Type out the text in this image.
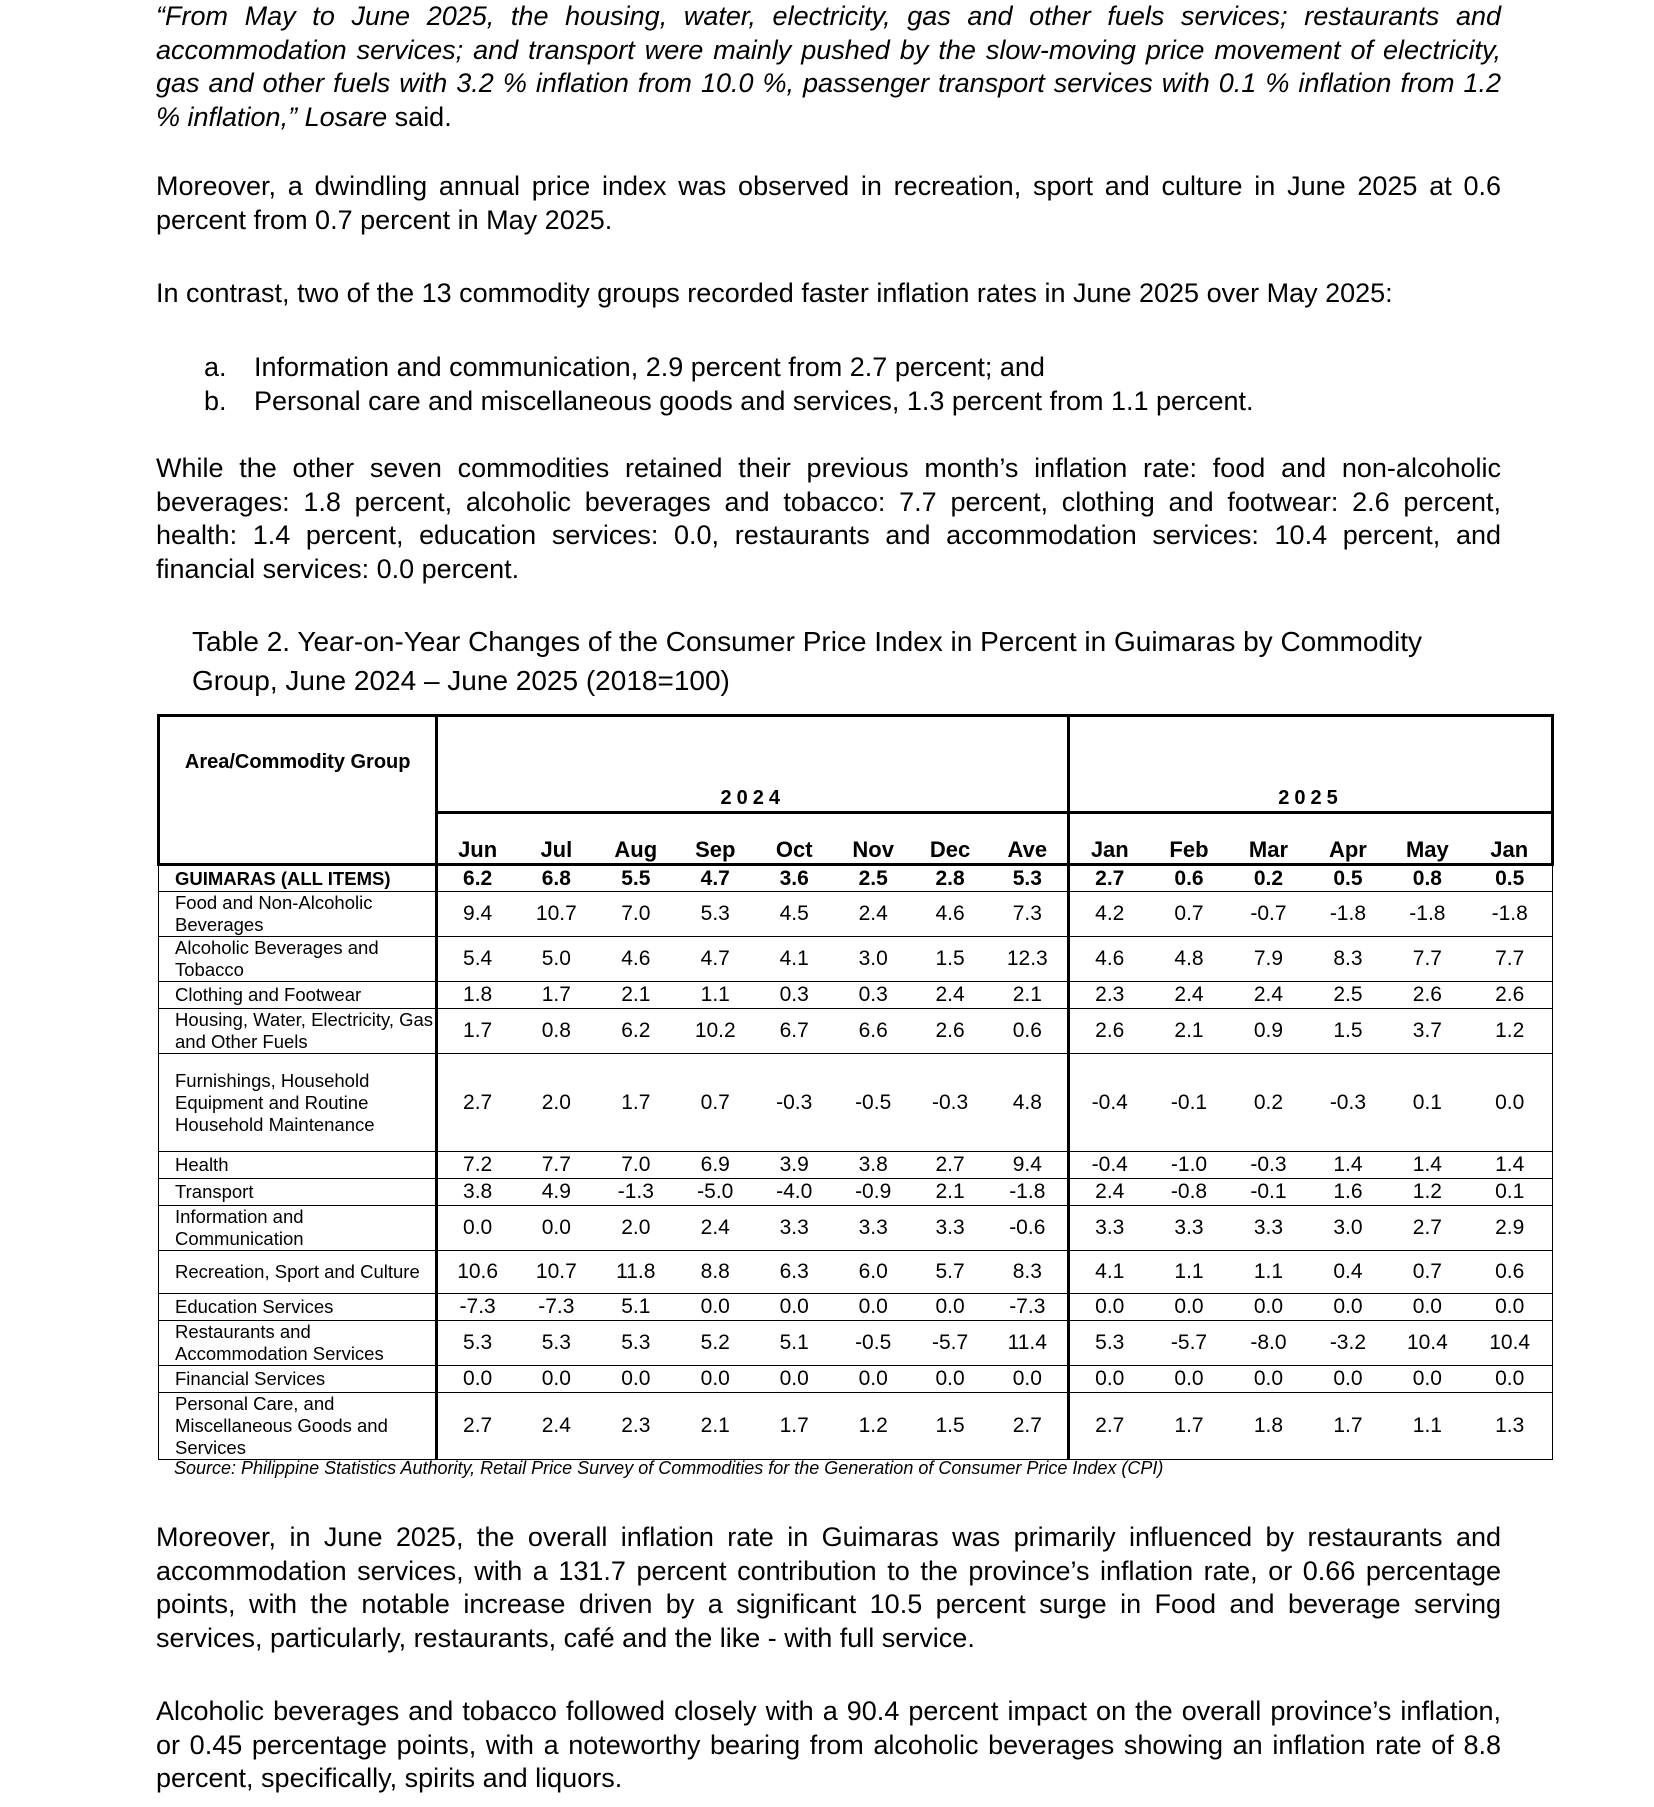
“From May to June 2025, the housing, water, electricity, gas and other fuels services; restaurants and accommodation services; and transport were mainly pushed by the slow-moving price movement of electricity, gas and other fuels with 3.2 % inflation from 10.0 %, passenger transport services with 0.1 % inflation from 1.2 % inflation,” Losare said.

Moreover, a dwindling annual price index was observed in recreation, sport and culture in June 2025 at 0.6 percent from 0.7 percent in May 2025.

In contrast, two of the 13 commodity groups recorded faster inflation rates in June 2025 over May 2025:

a.	Information and communication, 2.9 percent from 2.7 percent; and
b.	Personal care and miscellaneous goods and services, 1.3 percent from 1.1 percent.

While the other seven commodities retained their previous month’s inflation rate: food and non-alcoholic beverages: 1.8 percent, alcoholic beverages and tobacco: 7.7 percent, clothing and footwear: 2.6 percent, health: 1.4 percent, education services: 0.0, restaurants and accommodation services: 10.4 percent, and financial services: 0.0 percent.

Table 2. Year-on-Year Changes of the Consumer Price Index in Percent in Guimaras by Commodity Group, June 2024 – June 2025 (2018=100)

Area/Commodity Group	2024								2025					
	Jun	Jul	Aug	Sep	Oct	Nov	Dec	Ave	Jan	Feb	Mar	Apr	May	Jan
GUIMARAS (ALL ITEMS)	6.2	6.8	5.5	4.7	3.6	2.5	2.8	5.3	2.7	0.6	0.2	0.5	0.8	0.5
Food and Non-Alcoholic Beverages	9.4	10.7	7.0	5.3	4.5	2.4	4.6	7.3	4.2	0.7	-0.7	-1.8	-1.8	-1.8
Alcoholic Beverages and Tobacco	5.4	5.0	4.6	4.7	4.1	3.0	1.5	12.3	4.6	4.8	7.9	8.3	7.7	7.7
Clothing and Footwear	1.8	1.7	2.1	1.1	0.3	0.3	2.4	2.1	2.3	2.4	2.4	2.5	2.6	2.6
Housing, Water, Electricity, Gas and Other Fuels	1.7	0.8	6.2	10.2	6.7	6.6	2.6	0.6	2.6	2.1	0.9	1.5	3.7	1.2
Furnishings, Household Equipment and Routine Household Maintenance	2.7	2.0	1.7	0.7	-0.3	-0.5	-0.3	4.8	-0.4	-0.1	0.2	-0.3	0.1	0.0
Health	7.2	7.7	7.0	6.9	3.9	3.8	2.7	9.4	-0.4	-1.0	-0.3	1.4	1.4	1.4
Transport	3.8	4.9	-1.3	-5.0	-4.0	-0.9	2.1	-1.8	2.4	-0.8	-0.1	1.6	1.2	0.1
Information and Communication	0.0	0.0	2.0	2.4	3.3	3.3	3.3	-0.6	3.3	3.3	3.3	3.0	2.7	2.9
Recreation, Sport and Culture	10.6	10.7	11.8	8.8	6.3	6.0	5.7	8.3	4.1	1.1	1.1	0.4	0.7	0.6
Education Services	-7.3	-7.3	5.1	0.0	0.0	0.0	0.0	-7.3	0.0	0.0	0.0	0.0	0.0	0.0
Restaurants and Accommodation Services	5.3	5.3	5.3	5.2	5.1	-0.5	-5.7	11.4	5.3	-5.7	-8.0	-3.2	10.4	10.4
Financial Services	0.0	0.0	0.0	0.0	0.0	0.0	0.0	0.0	0.0	0.0	0.0	0.0	0.0	0.0
Personal Care, and Miscellaneous Goods and Services	2.7	2.4	2.3	2.1	1.7	1.2	1.5	2.7	2.7	1.7	1.8	1.7	1.1	1.3

Source: Philippine Statistics Authority, Retail Price Survey of Commodities for the Generation of Consumer Price Index (CPI)

Moreover, in June 2025, the overall inflation rate in Guimaras was primarily influenced by restaurants and accommodation services, with a 131.7 percent contribution to the province’s inflation rate, or 0.66 percentage points, with the notable increase driven by a significant 10.5 percent surge in Food and beverage serving services, particularly, restaurants, café and the like - with full service.

Alcoholic beverages and tobacco followed closely with a 90.4 percent impact on the overall province’s inflation, or 0.45 percentage points, with a noteworthy bearing from alcoholic beverages showing an inflation rate of 8.8 percent, specifically, spirits and liquors.
